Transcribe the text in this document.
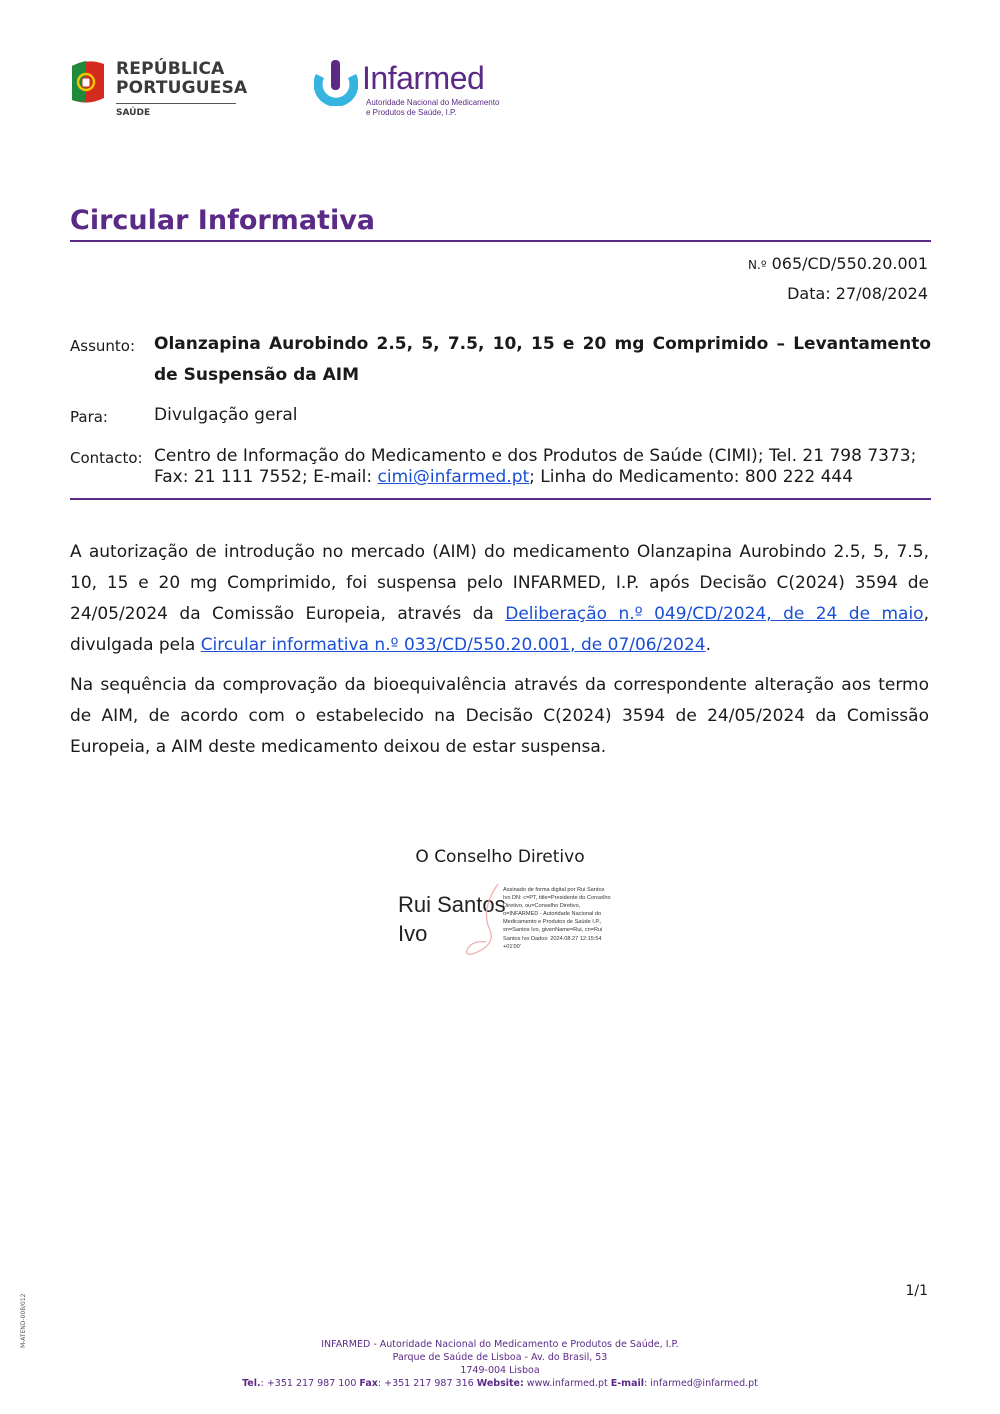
REPÚBLICA
PORTUGUESA
SAÚDE
Infarmed
Autoridade Nacional do Medicamento e Produtos de Saúde, I.P.
Circular Informativa
N.º 065/CD/550.20.001
Data: 27/08/2024
Assunto: Olanzapina Aurobindo 2.5, 5, 7.5, 10, 15 e 20 mg Comprimido – Levantamento de Suspensão da AIM
Para:	Divulgação geral
Contacto: Centro de Informação do Medicamento e dos Produtos de Saúde (CIMI); Tel. 21 798 7373; Fax: 21 111 7552; E-mail: cimi@infarmed.pt; Linha do Medicamento: 800 222 444
A autorização de introdução no mercado (AIM) do medicamento Olanzapina Aurobindo 2.5, 5, 7.5, 10, 15 e 20 mg Comprimido, foi suspensa pelo INFARMED, I.P. após Decisão C(2024) 3594 de 24/05/2024 da Comissão Europeia, através da Deliberação n.º 049/CD/2024, de 24 de maio, divulgada pela Circular informativa n.º 033/CD/550.20.001, de 07/06/2024.
Na sequência da comprovação da bioequivalência através da correspondente alteração aos termo de AIM, de acordo com o estabelecido na Decisão C(2024) 3594 de 24/05/2024 da Comissão Europeia, a AIM deste medicamento deixou de estar suspensa.
O Conselho Diretivo
Rui Santos
Ivo
Assinado de forma digital por Rui Santos Ivo DN: c=PT, title=Presidente do Conselho Diretivo, ou=Conselho Diretivo, o=INFARMED - Autoridade Nacional do Medicamento e Produtos de Saúde I.P., sn=Santos Ivo, givenName=Rui, cn=Rui Santos Ivo Dados: 2024.08.27 12:15:54 +01'00'
1/1
M-ATEND-008/012	INFARMED - Autoridade Nacional do Medicamento e Produtos de Saúde, I.P.
Parque de Saúde de Lisboa - Av. do Brasil, 53
1749-004 Lisboa
Tel.: +351 217 987 100 Fax: +351 217 987 316 Website: www.infarmed.pt E-mail: infarmed@infarmed.pt
